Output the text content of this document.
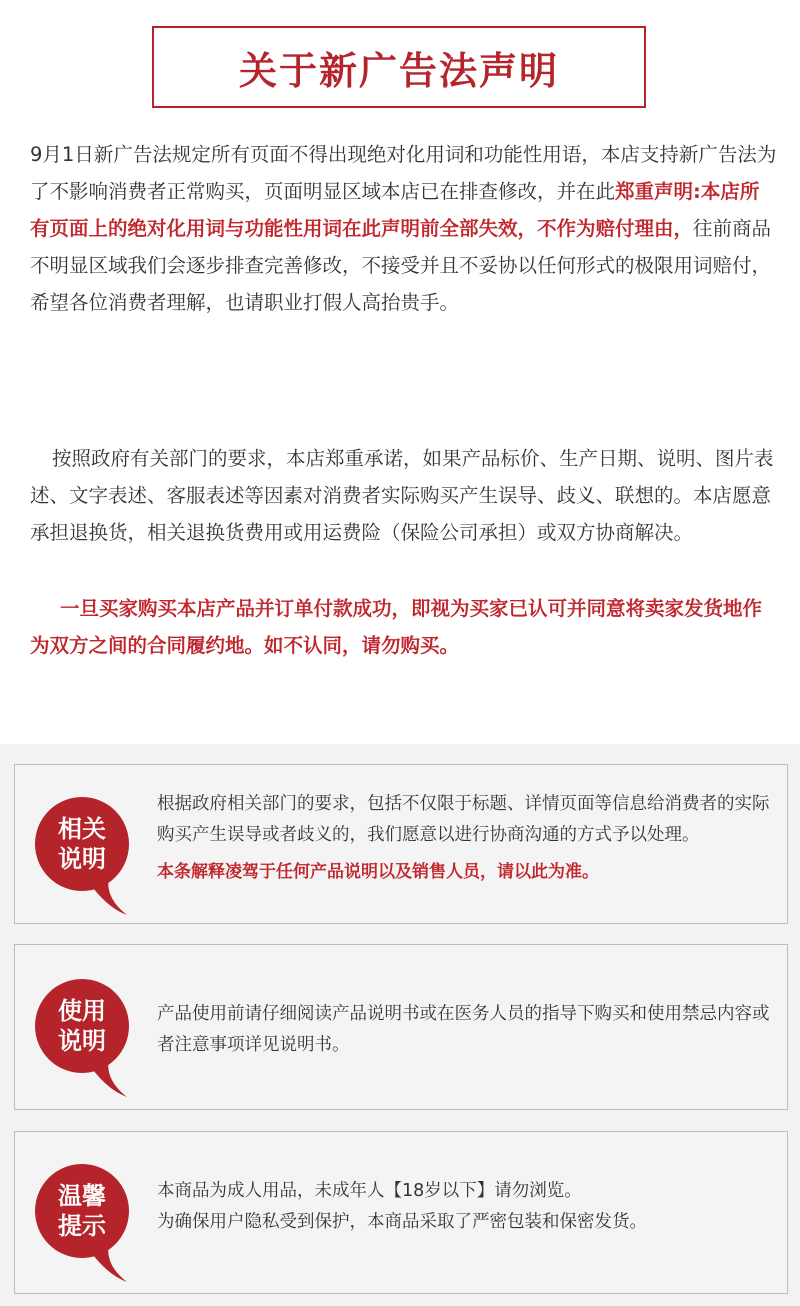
关于新广告法声明
9月1日新广告法规定所有页面不得出现绝对化用词和功能性用语，本店支持新广告法为了不影响消费者正常购买，页面明显区域本店已在排查修改，并在此郑重声明:本店所有页面上的绝对化用词与功能性用词在此声明前全部失效，不作为赔付理由，往前商品不明显区域我们会逐步排查完善修改，不接受并且不妥协以任何形式的极限用词赔付，希望各位消费者理解，也请职业打假人高抬贵手。
按照政府有关部门的要求，本店郑重承诺，如果产品标价、生产日期、说明、图片表述、文字表述、客服表述等因素对消费者实际购买产生误导、歧义、联想的。本店愿意承担退换货，相关退换货费用或用运费险（保险公司承担）或双方协商解决。
一旦买家购买本店产品并订单付款成功，即视为买家已认可并同意将卖家发货地作为双方之间的合同履约地。如不认同，请勿购买。
相关
说明
根据政府相关部门的要求，包括不仅限于标题、详情页面等信息给消费者的实际购买产生误导或者歧义的，我们愿意以进行协商沟通的方式予以处理。
本条解释凌驾于任何产品说明以及销售人员，请以此为准。
使用
说明
产品使用前请仔细阅读产品说明书或在医务人员的指导下购买和使用禁忌内容或者注意事项详见说明书。
温馨
提示
本商品为成人用品，未成年人【18岁以下】请勿浏览。
为确保用户隐私受到保护，本商品采取了严密包装和保密发货。
